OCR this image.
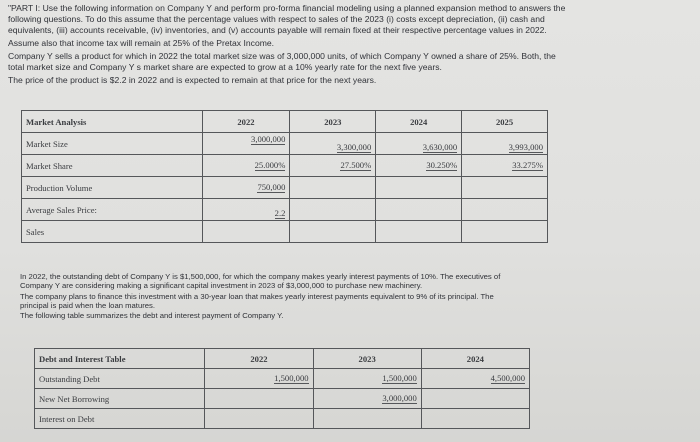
"PART I: Use the following information on Company Y and perform pro-forma financial modeling using a planned expansion method to answers the
following questions. To do this assume that the percentage values with respect to sales of the 2023 (i) costs except depreciation, (ii) cash and
equivalents, (iii) accounts receivable, (iv) inventories, and (v) accounts payable will remain fixed at their respective percentage values in 2022.
Assume also that income tax will remain at 25% of the Pretax Income.
Company Y sells a product for which in 2022 the total market size was of 3,000,000 units, of which Company Y owned a share of 25%. Both, the
total market size and Company Y s market share are expected to grow at a 10% yearly rate for the next five years.
The price of the product is $2.2 in 2022 and is expected to remain at that price for the next years.
Market Analysis	2022	2023	2024	2025
Market Size	3,000,000	3,300,000	3,630,000	3,993,000
Market Share	25.000%	27.500%	30.250%	33.275%
Production Volume	750,000			
Average Sales Price:	2.2			
Sales				
In 2022, the outstanding debt of Company Y is $1,500,000, for which the company makes yearly interest payments of 10%. The executives of
Company Y are considering making a significant capital investment in 2023 of $3,000,000 to purchase new machinery.
The company plans to finance this investment with a 30-year loan that makes yearly interest payments equivalent to 9% of its principal. The
principal is paid when the loan matures.
The following table summarizes the debt and interest payment of Company Y.
Debt and Interest Table	2022	2023	2024
Outstanding Debt	1,500,000	1,500,000	4,500,000
New Net Borrowing		3,000,000	
Interest on Debt			
